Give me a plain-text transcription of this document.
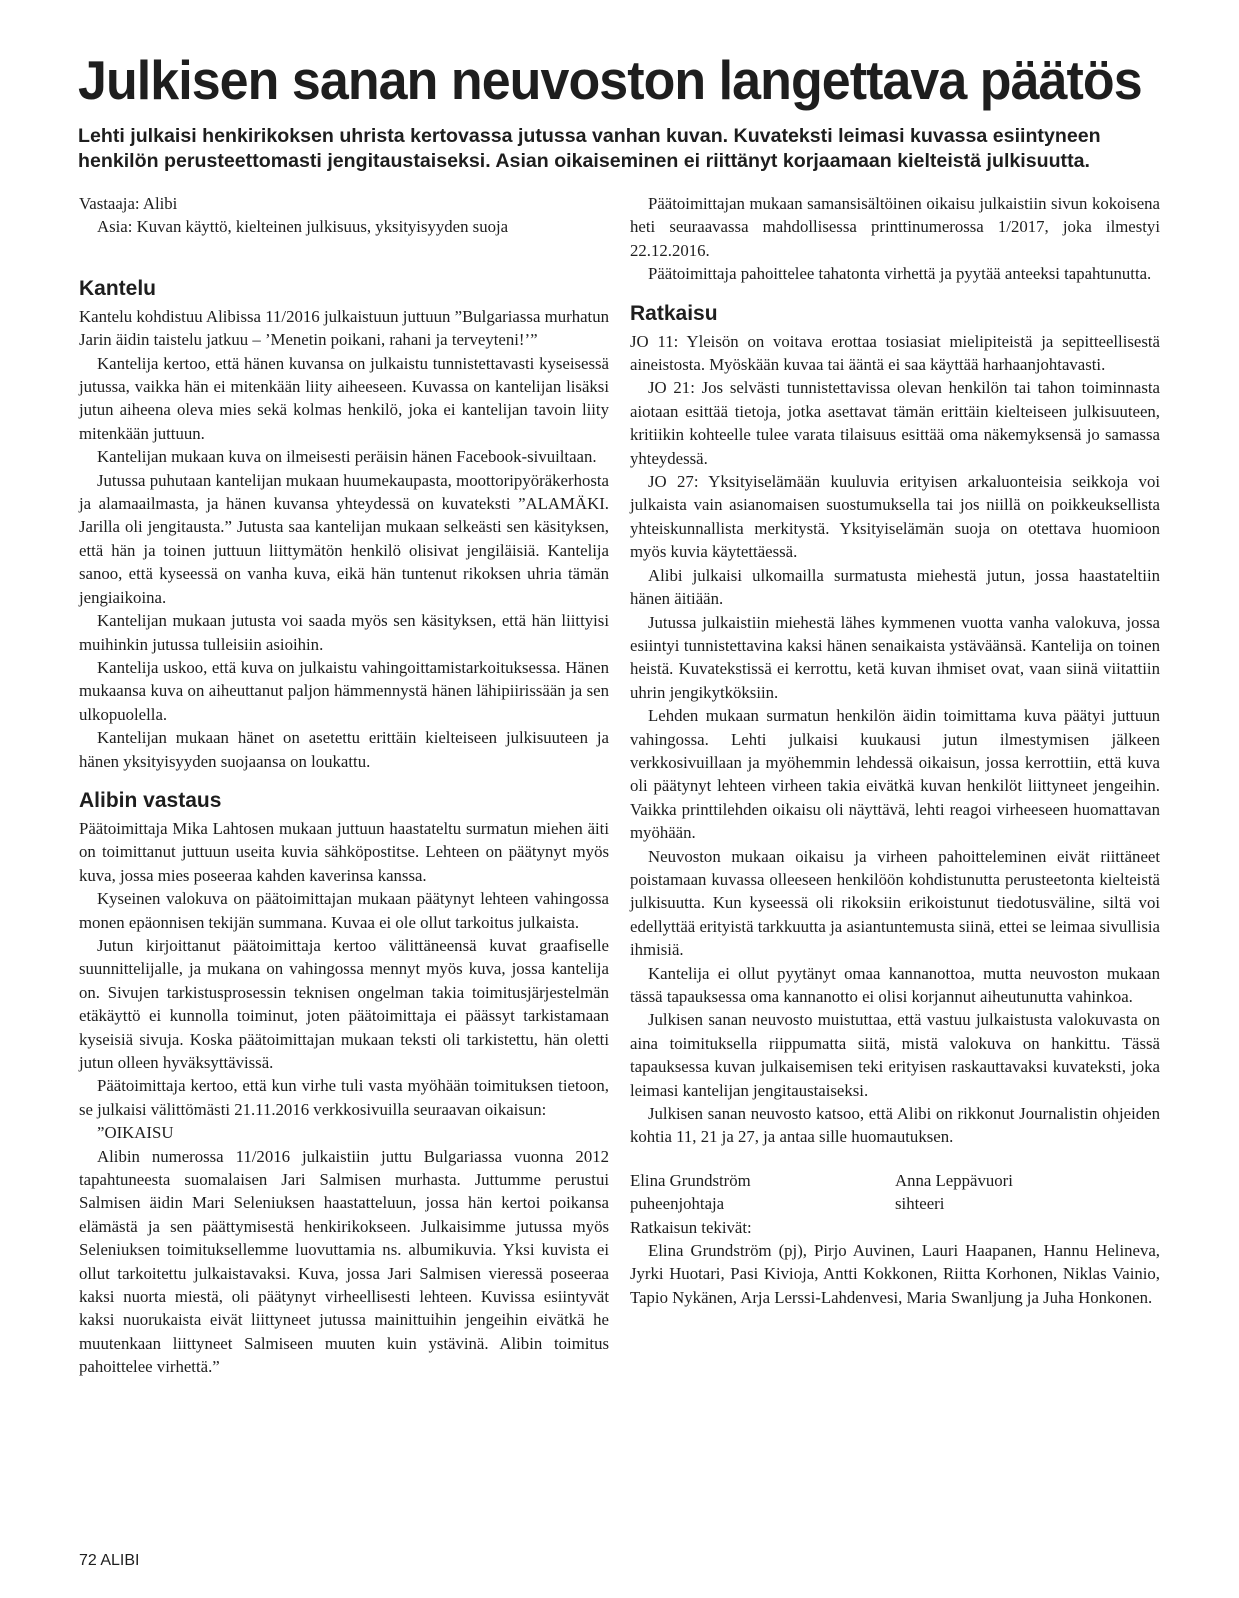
Julkisen sanan neuvoston langettava päätös
Lehti julkaisi henkirikoksen uhrista kertovassa jutussa vanhan kuvan. Kuvateksti leimasi kuvassa esiintyneen
henkilön perusteettomasti jengitaustaiseksi. Asian oikaiseminen ei riittänyt korjaamaan kielteistä julkisuutta.

Vastaaja: Alibi

Asia: Kuvan käyttö, kielteinen julkisuus, yksityisyyden suoja

Kantelu

Kantelu kohdistuu Alibissa 11/2016 julkaistuun juttuun ”Bulgariassa murhatun Jarin äidin taistelu jatkuu – ’Menetin poikani, rahani ja terveyteni!’”

Kantelija kertoo, että hänen kuvansa on julkaistu tunnistettavasti kyseisessä jutussa, vaikka hän ei mitenkään liity aiheeseen. Kuvassa on kantelijan lisäksi jutun aiheena oleva mies sekä kolmas henkilö, joka ei kantelijan tavoin liity mitenkään juttuun.

Kantelijan mukaan kuva on ilmeisesti peräisin hänen Facebook-sivuiltaan.

Jutussa puhutaan kantelijan mukaan huumekaupasta, moottoripyöräkerhosta ja alamaailmasta, ja hänen kuvansa yhteydessä on kuvateksti ”ALAMÄKI. Jarilla oli jengitausta.” Jutusta saa kantelijan mukaan selkeästi sen käsityksen, että hän ja toinen juttuun liittymätön henkilö olisivat jengiläisiä. Kantelija sanoo, että kyseessä on vanha kuva, eikä hän tuntenut rikoksen uhria tämän jengiaikoina.

Kantelijan mukaan jutusta voi saada myös sen käsityksen, että hän liittyisi muihinkin jutussa tulleisiin asioihin.

Kantelija uskoo, että kuva on julkaistu vahingoittamistarkoituksessa. Hänen mukaansa kuva on aiheuttanut paljon hämmennystä hänen lähipiirissään ja sen ulkopuolella.

Kantelijan mukaan hänet on asetettu erittäin kielteiseen julkisuuteen ja hänen yksityisyyden suojaansa on loukattu.

Alibin vastaus

Päätoimittaja Mika Lahtosen mukaan juttuun haastateltu surmatun miehen äiti on toimittanut juttuun useita kuvia sähköpostitse. Lehteen on päätynyt myös kuva, jossa mies poseeraa kahden kaverinsa kanssa.

Kyseinen valokuva on päätoimittajan mukaan päätynyt lehteen vahingossa monen epäonnisen tekijän summana. Kuvaa ei ole ollut tarkoitus julkaista.

Jutun kirjoittanut päätoimittaja kertoo välittäneensä kuvat graafiselle suunnittelijalle, ja mukana on vahingossa mennyt myös kuva, jossa kantelija on. Sivujen tarkistusprosessin teknisen ongelman takia toimitusjärjestelmän etäkäyttö ei kunnolla toiminut, joten päätoimittaja ei päässyt tarkistamaan kyseisiä sivuja. Koska päätoimittajan mukaan teksti oli tarkistettu, hän oletti jutun olleen hyväksyttävissä.

Päätoimittaja kertoo, että kun virhe tuli vasta myöhään toimituksen tietoon, se julkaisi välittömästi 21.11.2016 verkkosivuilla seuraavan oikaisun:

”OIKAISU

Alibin numerossa 11/2016 julkaistiin juttu Bulgariassa vuonna 2012 tapahtuneesta suomalaisen Jari Salmisen murhasta. Juttumme perustui Salmisen äidin Mari Seleniuksen haastatteluun, jossa hän kertoi poikansa elämästä ja sen päättymisestä henkirikokseen. Julkaisimme jutussa myös Seleniuksen toimituksellemme luovuttamia ns. albumikuvia. Yksi kuvista ei ollut tarkoitettu julkaistavaksi. Kuva, jossa Jari Salmisen vieressä poseeraa kaksi nuorta miestä, oli päätynyt virheellisesti lehteen. Kuvissa esiintyvät kaksi nuorukaista eivät liittyneet jutussa mainittuihin jengeihin eivätkä he muutenkaan liittyneet Salmiseen muuten kuin ystävinä. Alibin toimitus pahoittelee virhettä.”

Päätoimittajan mukaan samansisältöinen oikaisu julkaistiin sivun kokoisena heti seuraavassa mahdollisessa printtinumerossa 1/2017, joka ilmestyi 22.12.2016.

Päätoimittaja pahoittelee tahatonta virhettä ja pyytää anteeksi tapahtunutta.

Ratkaisu

JO 11: Yleisön on voitava erottaa tosiasiat mielipiteistä ja sepitteellisestä aineistosta. Myöskään kuvaa tai ääntä ei saa käyttää harhaanjohtavasti.

JO 21: Jos selvästi tunnistettavissa olevan henkilön tai tahon toiminnasta aiotaan esittää tietoja, jotka asettavat tämän erittäin kielteiseen julkisuuteen, kritiikin kohteelle tulee varata tilaisuus esittää oma näkemyksensä jo samassa yhteydessä.

JO 27: Yksityiselämään kuuluvia erityisen arkaluonteisia seikkoja voi julkaista vain asianomaisen suostumuksella tai jos niillä on poikkeuksellista yhteiskunnallista merkitystä. Yksityiselämän suoja on otettava huomioon myös kuvia käytettäessä.

Alibi julkaisi ulkomailla surmatusta miehestä jutun, jossa haastateltiin hänen äitiään.

Jutussa julkaistiin miehestä lähes kymmenen vuotta vanha valokuva, jossa esiintyi tunnistettavina kaksi hänen senaikaista ystäväänsä. Kantelija on toinen heistä. Kuvatekstissä ei kerrottu, ketä kuvan ihmiset ovat, vaan siinä viitattiin uhrin jengikytköksiin.

Lehden mukaan surmatun henkilön äidin toimittama kuva päätyi juttuun vahingossa. Lehti julkaisi kuukausi jutun ilmestymisen jälkeen verkkosivuillaan ja myöhemmin lehdessä oikaisun, jossa kerrottiin, että kuva oli päätynyt lehteen virheen takia eivätkä kuvan henkilöt liittyneet jengeihin. Vaikka printtilehden oikaisu oli näyttävä, lehti reagoi virheeseen huomattavan myöhään.

Neuvoston mukaan oikaisu ja virheen pahoitteleminen eivät riittäneet poistamaan kuvassa olleeseen henkilöön kohdistunutta perusteetonta kielteistä julkisuutta. Kun kyseessä oli rikoksiin erikoistunut tiedotusväline, siltä voi edellyttää erityistä tarkkuutta ja asiantuntemusta siinä, ettei se leimaa sivullisia ihmisiä.

Kantelija ei ollut pyytänyt omaa kannanottoa, mutta neuvoston mukaan tässä tapauksessa oma kannanotto ei olisi korjannut aiheutunutta vahinkoa.

Julkisen sanan neuvosto muistuttaa, että vastuu julkaistusta valokuvasta on aina toimituksella riippumatta siitä, mistä valokuva on hankittu. Tässä tapauksessa kuvan julkaisemisen teki erityisen raskauttavaksi kuvateksti, joka leimasi kantelijan jengitaustaiseksi.

Julkisen sanan neuvosto katsoo, että Alibi on rikkonut Journalistin ohjeiden kohtia 11, 21 ja 27, ja antaa sille huomautuksen.

Elina Grundström
puheenjohtaja
Anna Leppävuori
sihteeri

Ratkaisun tekivät:

Elina Grundström (pj), Pirjo Auvinen, Lauri Haapanen, Hannu Helineva, Jyrki Huotari, Pasi Kivioja, Antti Kokkonen, Riitta Korhonen, Niklas Vainio, Tapio Nykänen, Arja Lerssi-Lahdenvesi, Maria Swanljung ja Juha Honkonen.

72 ALIBI
